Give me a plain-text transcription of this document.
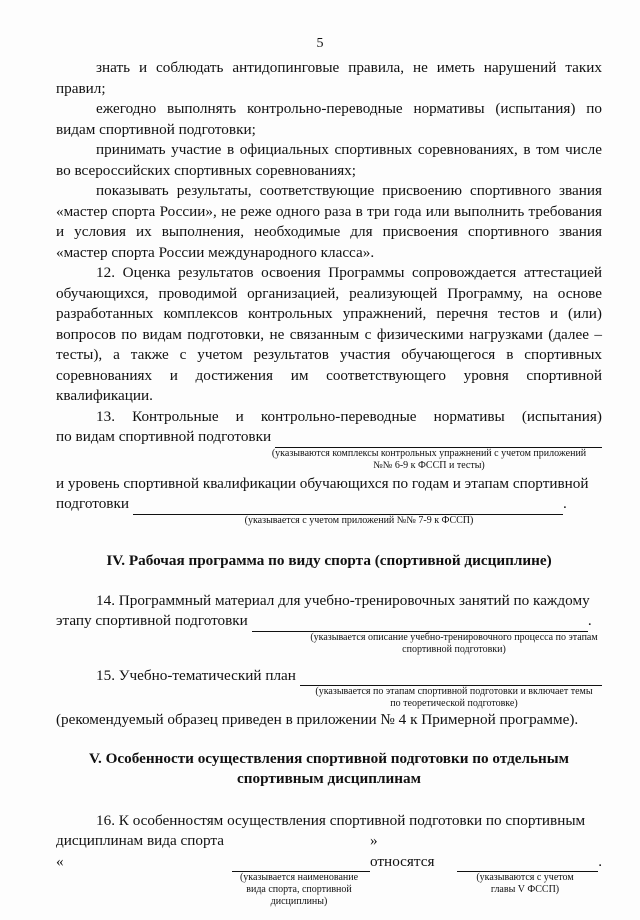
5

знать и соблюдать антидопинговые правила, не иметь нарушений таких правил;

ежегодно выполнять контрольно-переводные нормативы (испытания) по видам спортивной подготовки;

принимать участие в официальных спортивных соревнованиях, в том числе во всероссийских спортивных соревнованиях;

показывать результаты, соответствующие присвоению спортивного звания «мастер спорта России», не реже одного раза в три года или выполнить требования и условия их выполнения, необходимые для присвоения спортивного звания «мастер спорта России международного класса».

12. Оценка результатов освоения Программы сопровождается аттестацией обучающихся, проводимой организацией, реализующей Программу, на основе разработанных комплексов контрольных упражнений, перечня тестов и (или) вопросов по видам подготовки, не связанным с физическими нагрузками (далее – тесты), а также с учетом результатов участия обучающегося в спортивных соревнованиях и достижения им соответствующего уровня спортивной квалификации.

13. Контрольные и контрольно-переводные нормативы (испытания)
по видам спортивной подготовки
(указываются комплексы контрольных упражнений с учетом приложений
№№ 6-9 к ФССП и тесты)

и уровень спортивной квалификации обучающихся по годам и этапам спортивной

подготовки	.
(указывается с учетом приложений №№ 7-9 к ФССП)
IV. Рабочая программа по виду спорта (спортивной дисциплине)

14. Программный материал для учебно-тренировочных занятий по каждому

этапу спортивной подготовки	.
(указывается описание учебно-тренировочного процесса по этапам
спортивной подготовки)
15. Учебно-тематический план
(указывается по этапам спортивной подготовки и включает темы
по теоретической подготовке)

(рекомендуемый образец приведен в приложении № 4 к Примерной программе).

V. Особенности осуществления спортивной подготовки по отдельным
спортивным дисциплинам

16. К особенностям осуществления спортивной подготовки по спортивным

дисциплинам вида спорта «
» относятся	.
(указывается наименование
вида спорта, спортивной
дисциплины)
(указываются с учетом
главы V ФССП)
